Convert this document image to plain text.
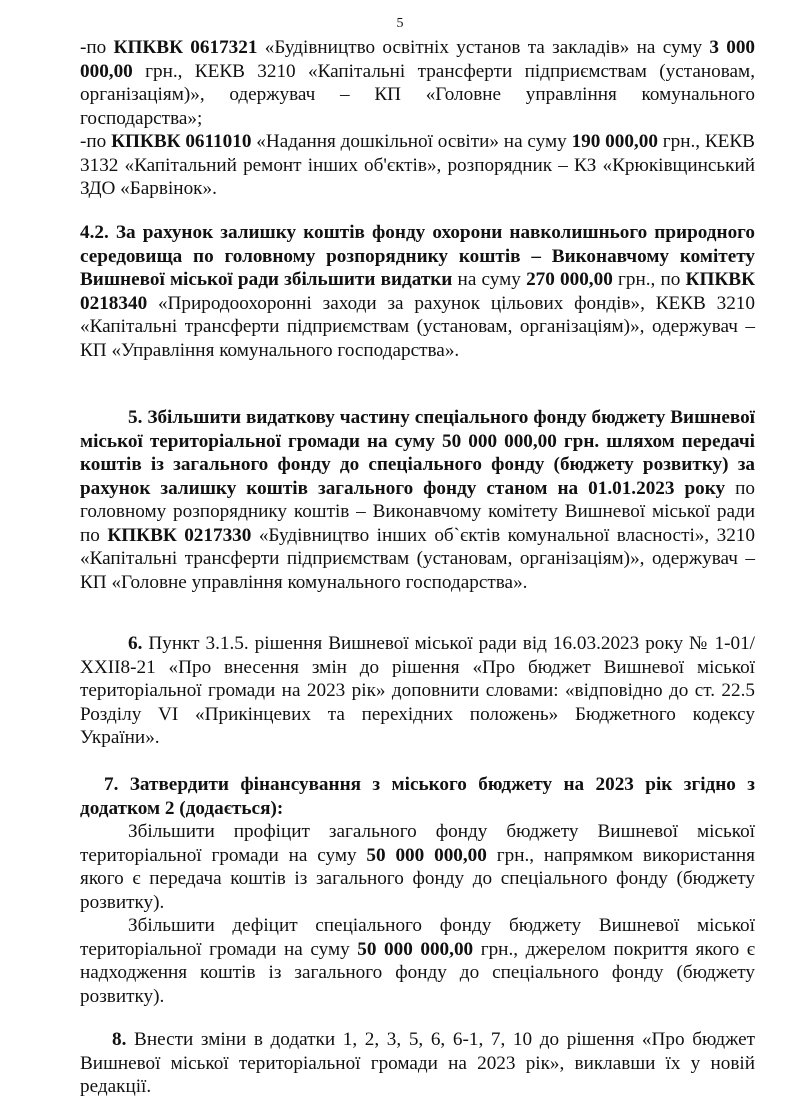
5

-по КПКВК 0617321 «Будівництво освітніх установ та закладів» на суму 3 000 000,00 грн., КЕКВ 3210 «Капітальні трансферти підприємствам (установам, організаціям)», одержувач – КП «Головне управління комунального господарства»;

-по КПКВК 0611010 «Надання дошкільної освіти» на суму 190 000,00 грн., КЕКВ 3132 «Капітальний ремонт інших об'єктів», розпорядник – КЗ «Крюківщинський ЗДО «Барвінок».

4.2. За рахунок залишку коштів фонду охорони навколишнього природного середовища по головному розпоряднику коштів – Виконавчому комітету Вишневої міської ради збільшити видатки на суму 270 000,00 грн., по КПКВК 0218340 «Природоохоронні заходи за рахунок цільових фондів», КЕКВ 3210 «Капітальні трансферти підприємствам (установам, організаціям)», одержувач – КП «Управління комунального господарства».

5. Збільшити видаткову частину спеціального фонду бюджету Вишневої міської територіальної громади на суму 50 000 000,00 грн. шляхом передачі коштів із загального фонду до спеціального фонду (бюджету розвитку) за рахунок залишку коштів загального фонду станом на 01.01.2023 року по головному розпоряднику коштів – Виконавчому комітету Вишневої міської ради по КПКВК 0217330 «Будівництво інших об`єктів комунальної власності», 3210 «Капітальні трансферти підприємствам (установам, організаціям)», одержувач – КП «Головне управління комунального господарства».

6. Пункт 3.1.5. рішення Вишневої міської ради від 16.03.2023 року № 1-01/ХХІІ8-21 «Про внесення змін до рішення «Про бюджет Вишневої міської територіальної громади на 2023 рік» доповнити словами: «відповідно до ст. 22.5 Розділу VI «Прикінцевих та перехідних положень» Бюджетного кодексу України».

7. Затвердити фінансування з міського бюджету на 2023 рік згідно з додатком 2 (додається):

Збільшити профіцит загального фонду бюджету Вишневої міської територіальної громади на суму 50 000 000,00 грн., напрямком використання якого є передача коштів із загального фонду до спеціального фонду (бюджету розвитку).

Збільшити дефіцит спеціального фонду бюджету Вишневої міської територіальної громади на суму 50 000 000,00 грн., джерелом покриття якого є надходження коштів із загального фонду до спеціального фонду (бюджету розвитку).

8. Внести зміни в додатки 1, 2, 3, 5, 6, 6-1, 7, 10 до рішення «Про бюджет Вишневої міської територіальної громади на 2023 рік», виклавши їх у новій редакції.
